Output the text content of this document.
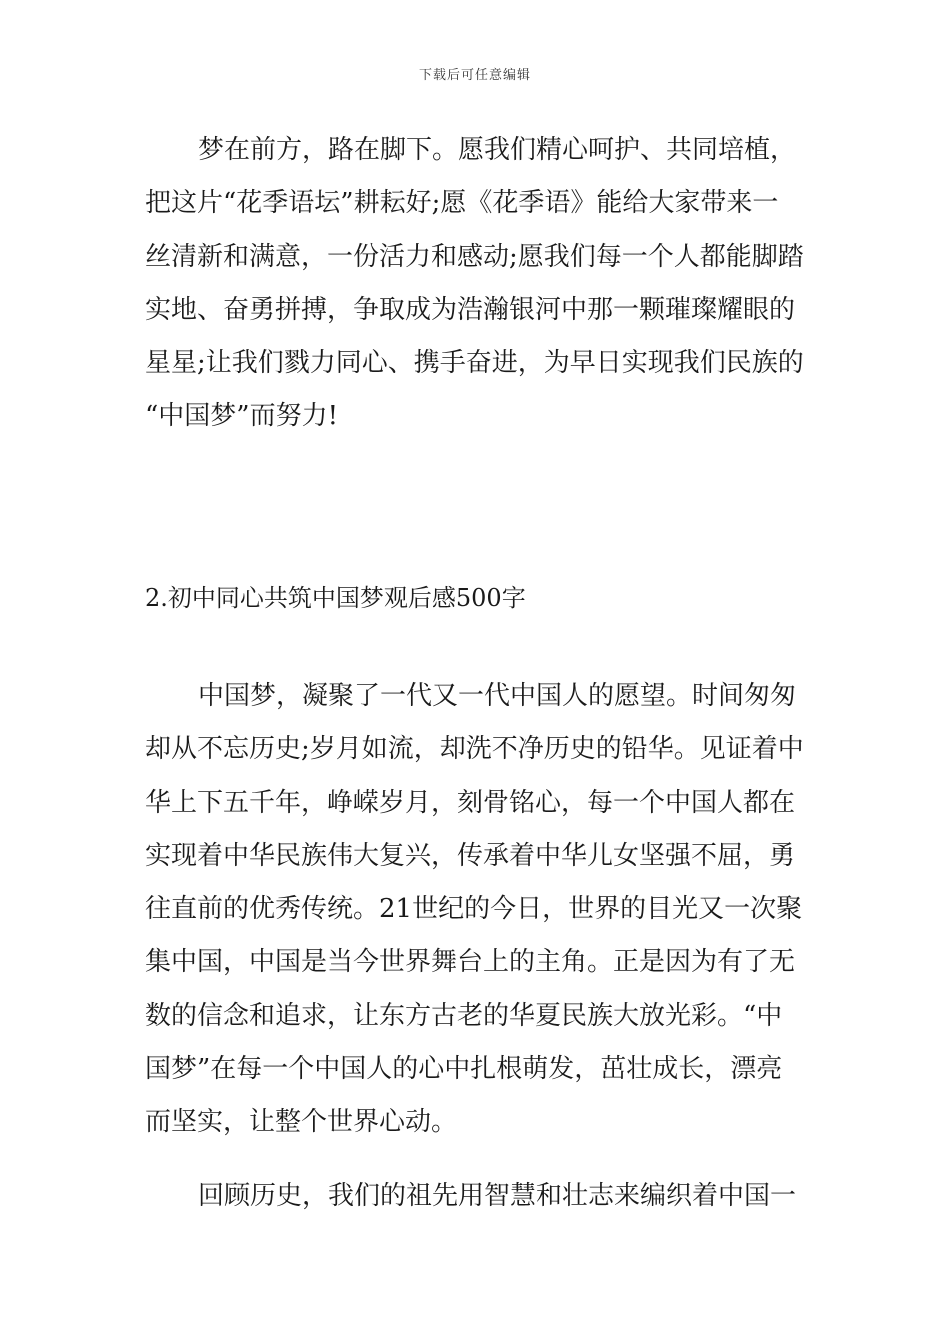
下载后可任意编辑

梦在前方，路在脚下。愿我们精心呵护、共同培植，
把这片“花季语坛”耕耘好;愿《花季语》能给大家带来一
丝清新和满意，一份活力和感动;愿我们每一个人都能脚踏
实地、奋勇拼搏，争取成为浩瀚银河中那一颗璀璨耀眼的
星星;让我们戮力同心、携手奋进，为早日实现我们民族的
“中国梦”而努力!

2.初中同心共筑中国梦观后感500字

中国梦，凝聚了一代又一代中国人的愿望。时间匆匆
却从不忘历史;岁月如流，却洗不净历史的铅华。见证着中
华上下五千年，峥嵘岁月，刻骨铭心，每一个中国人都在
实现着中华民族伟大复兴，传承着中华儿女坚强不屈，勇
往直前的优秀传统。21世纪的今日，世界的目光又一次聚
集中国，中国是当今世界舞台上的主角。正是因为有了无
数的信念和追求，让东方古老的华夏民族大放光彩。“中
国梦”在每一个中国人的心中扎根萌发，茁壮成长，漂亮
而坚实，让整个世界心动。

回顾历史，我们的祖先用智慧和壮志来编织着中国一
